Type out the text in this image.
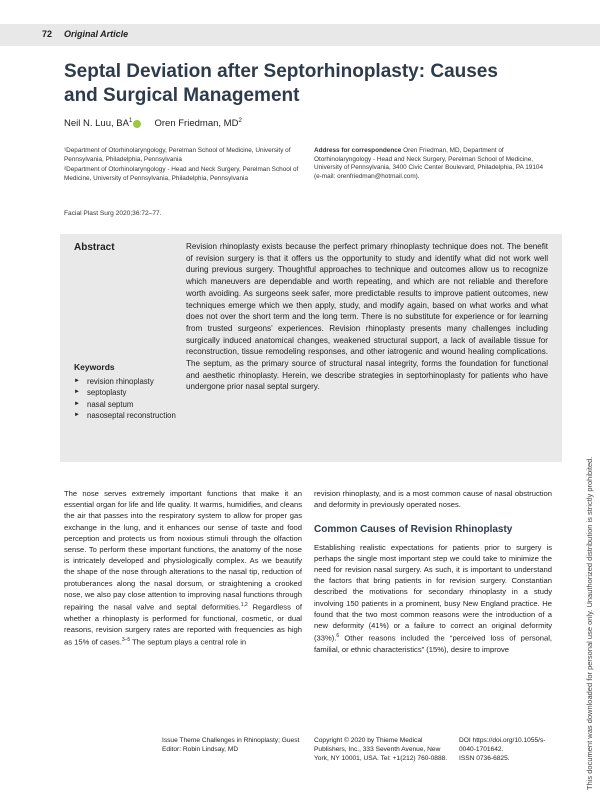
72 Original Article
Septal Deviation after Septorhinoplasty: Causes and Surgical Management
Neil N. Luu, $BA^1$ Oren Friedman, $MD^2$

¹Department of Otorhinolaryngology, Perelman School of Medicine, University of Pennsylvania, Philadelphia, Pennsylvania

²Department of Otorhinolaryngology - Head and Neck Surgery, Perelman School of Medicine, University of Pennsylvania, Philadelphia, Pennsylvania

Address for correspondence Oren Friedman, MD, Department of Otorhinolaryngology - Head and Neck Surgery, Perelman School of Medicine, University of Pennsylvania, 3400 Civic Center Boulevard, Philadelphia, PA 19104 (e-mail: orenfriedman@hotmail.com).
Facial Plast Surg 2020;36:72–77.
Abstract	Revision rhinoplasty exists because the perfect primary rhinoplasty technique does not. The benefit of revision surgery is that it offers us the opportunity to study and identify what did not work well during previous surgery. Thoughtful approaches to technique and outcomes allow us to recognize which maneuvers are dependable and worth repeating, and which are not reliable and therefore worth avoiding. As surgeons seek safer, more predictable results to improve patient outcomes, new techniques emerge which we then apply, study, and modify again, based on what works and what does not over the short term and the long term. There is no substitute for experience or for learning from trusted surgeons’ experiences. Revision rhinoplasty presents many challenges including surgically induced anatomical changes, weakened structural support, a lack of available tissue for reconstruction, tissue remodeling responses, and other iatrogenic and wound healing complications. The septum, as the primary source of structural nasal integrity, forms the foundation for functional and aesthetic rhinoplasty. Herein, we describe strategies in septorhinoplasty for patients who have undergone prior nasal septal surgery.
Keywords
► revision rhinoplasty
► septoplasty
► nasal septum
► nasoseptal reconstruction
The nose serves extremely important functions that make it an essential organ for life and life quality. It warms, humidifies, and cleans the air that passes into the respiratory system to allow for proper gas exchange in the lung, and it enhances our sense of taste and food perception and protects us from noxious stimuli through the olfaction sense. To perform these important functions, the anatomy of the nose is intricately developed and physiologically complex. As we beautify the shape of the nose through alterations to the nasal tip, reduction of protuberances along the nasal dorsum, or straightening a crooked nose, we also pay close attention to improving nasal functions through repairing the nasal valve and septal deformities.$^{1,2}$ Regardless of whether a rhinoplasty is performed for functional, cosmetic, or dual reasons, revision surgery rates are reported with frequencies as high as 15% of cases.$^{3-5}$ The septum plays a central role in
revision rhinoplasty, and is a most common cause of nasal obstruction and deformity in previously operated noses.
Common Causes of Revision Rhinoplasty
Establishing realistic expectations for patients prior to surgery is perhaps the single most important step we could take to minimize the need for revision nasal surgery. As such, it is important to understand the factors that bring patients in for revision surgery. Constantian described the motivations for secondary rhinoplasty in a study involving 150 patients in a prominent, busy New England practice. He found that the two most common reasons were the introduction of a new deformity (41%) or a failure to correct an original deformity (33%).$^6$ Other reasons included the “perceived loss of personal, familial, or ethnic characteristics” (15%), desire to improve
Issue Theme Challenges in Rhinoplasty; Guest Editor: Robin Lindsay, MD
Copyright © 2020 by Thieme Medical Publishers, Inc., 333 Seventh Avenue, New York, NY 10001, USA. Tel: +1(212) 760-0888.
DOI https://doi.org/10.1055/s-0040-1701642.
ISSN 0736-6825.	This document was downloaded for personal use only. Unauthorized distribution is strictly prohibited.
